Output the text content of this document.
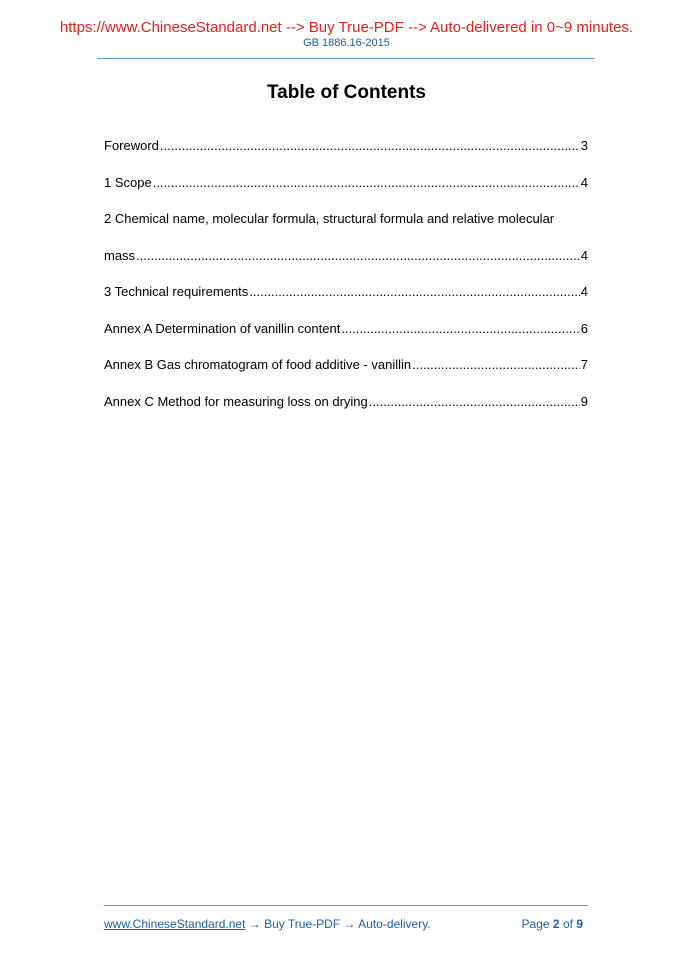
https://www.ChineseStandard.net --> Buy True-PDF --> Auto-delivered in 0~9 minutes.
GB 1886.16-2015
Table of Contents
Foreword .....	3
1 Scope .....	4
2 Chemical name, molecular formula, structural formula and relative molecular
mass .....	4
3 Technical requirements .....	4
Annex A Determination of vanillin content .....	6
Annex B Gas chromatogram of food additive - vanillin .....	7
Annex C Method for measuring loss on drying .....	9
www.ChineseStandard.net → Buy True-PDF → Auto-delivery.	Page 2 of 9
